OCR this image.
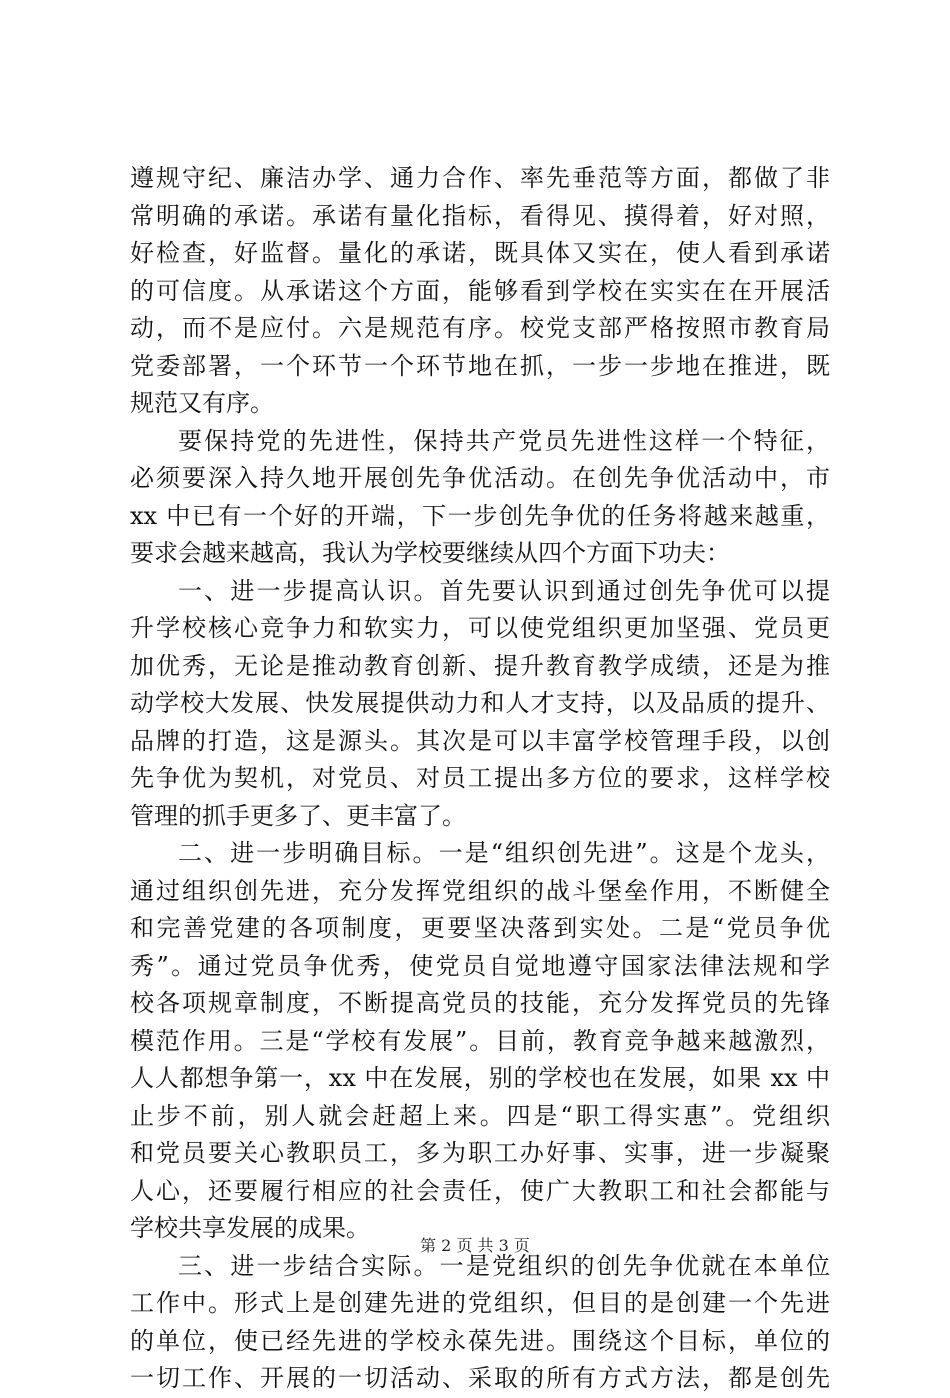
遵规守纪、廉洁办学、通力合作、率先垂范等方面，都做了非
常明确的承诺。承诺有量化指标，看得见、摸得着，好对照，
好检查，好监督。量化的承诺，既具体又实在，使人看到承诺
的可信度。从承诺这个方面，能够看到学校在实实在在开展活
动，而不是应付。六是规范有序。校党支部严格按照市教育局
党委部署，一个环节一个环节地在抓，一步一步地在推进，既
规范又有序。
要保持党的先进性，保持共产党员先进性这样一个特征，
必须要深入持久地开展创先争优活动。在创先争优活动中，市
xx 中已有一个好的开端，下一步创先争优的任务将越来越重，
要求会越来越高，我认为学校要继续从四个方面下功夫：
一、进一步提高认识。首先要认识到通过创先争优可以提
升学校核心竞争力和软实力，可以使党组织更加坚强、党员更
加优秀，无论是推动教育创新、提升教育教学成绩，还是为推
动学校大发展、快发展提供动力和人才支持，以及品质的提升、
品牌的打造，这是源头。其次是可以丰富学校管理手段，以创
先争优为契机，对党员、对员工提出多方位的要求，这样学校
管理的抓手更多了、更丰富了。
二、进一步明确目标。一是“组织创先进”。这是个龙头，
通过组织创先进，充分发挥党组织的战斗堡垒作用，不断健全
和完善党建的各项制度，更要坚决落到实处。二是“党员争优
秀”。通过党员争优秀，使党员自觉地遵守国家法律法规和学
校各项规章制度，不断提高党员的技能，充分发挥党员的先锋
模范作用。三是“学校有发展”。目前，教育竞争越来越激烈，
人人都想争第一，xx 中在发展，别的学校也在发展，如果 xx 中
止步不前，别人就会赶超上来。四是“职工得实惠”。党组织
和党员要关心教职员工，多为职工办好事、实事，进一步凝聚
人心，还要履行相应的社会责任，使广大教职工和社会都能与
学校共享发展的成果。
三、进一步结合实际。一是党组织的创先争优就在本单位
工作中。形式上是创建先进的党组织，但目的是创建一个先进
的单位，使已经先进的学校永葆先进。围绕这个目标，单位的
一切工作、开展的一切活动、采取的所有方式方法，都是创先
第 2 页 共 3 页
